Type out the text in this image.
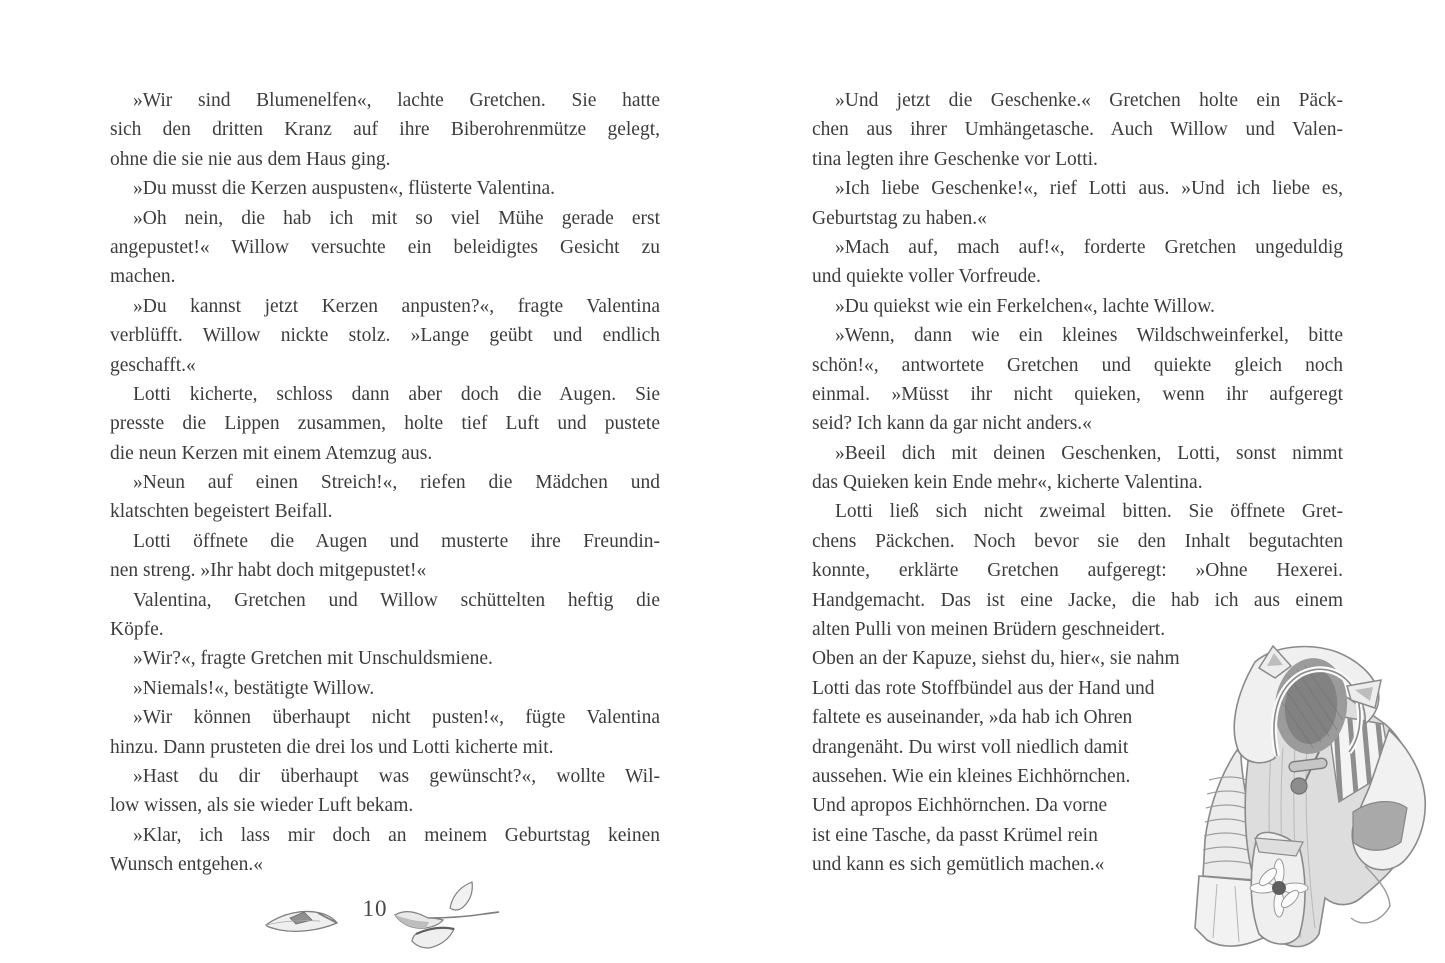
»Wir sind Blumenelfen«, lachte Gretchen. Sie hatte
sich den dritten Kranz auf ihre Biberohrenmütze gelegt,
ohne die sie nie aus dem Haus ging.
»Du musst die Kerzen auspusten«, flüsterte Valentina.
»Oh nein, die hab ich mit so viel Mühe gerade erst
angepustet!« Willow versuchte ein beleidigtes Gesicht zu
machen.
»Du kannst jetzt Kerzen anpusten?«, fragte Valentina
verblüfft. Willow nickte stolz. »Lange geübt und endlich
geschafft.«
Lotti kicherte, schloss dann aber doch die Augen. Sie
presste die Lippen zusammen, holte tief Luft und pustete
die neun Kerzen mit einem Atemzug aus.
»Neun auf einen Streich!«, riefen die Mädchen und
klatschten begeistert Beifall.
Lotti öffnete die Augen und musterte ihre Freundin-
nen streng. »Ihr habt doch mitgepustet!«
Valentina, Gretchen und Willow schüttelten heftig die
Köpfe.
»Wir?«, fragte Gretchen mit Unschuldsmiene.
»Niemals!«, bestätigte Willow.
»Wir können überhaupt nicht pusten!«, fügte Valentina
hinzu. Dann prusteten die drei los und Lotti kicherte mit.
»Hast du dir überhaupt was gewünscht?«, wollte Wil-
low wissen, als sie wieder Luft bekam.
»Klar, ich lass mir doch an meinem Geburtstag keinen
Wunsch entgehen.«
»Und jetzt die Geschenke.« Gretchen holte ein Päck-
chen aus ihrer Umhängetasche. Auch Willow und Valen-
tina legten ihre Geschenke vor Lotti.
»Ich liebe Geschenke!«, rief Lotti aus. »Und ich liebe es,
Geburtstag zu haben.«
»Mach auf, mach auf!«, forderte Gretchen ungeduldig
und quiekte voller Vorfreude.
»Du quiekst wie ein Ferkelchen«, lachte Willow.
»Wenn, dann wie ein kleines Wildschweinferkel, bitte
schön!«, antwortete Gretchen und quiekte gleich noch
einmal. »Müsst ihr nicht quieken, wenn ihr aufgeregt
seid? Ich kann da gar nicht anders.«
»Beeil dich mit deinen Geschenken, Lotti, sonst nimmt
das Quieken kein Ende mehr«, kicherte Valentina.
Lotti ließ sich nicht zweimal bitten. Sie öffnete Gret-
chens Päckchen. Noch bevor sie den Inhalt begutachten
konnte, erklärte Gretchen aufgeregt: »Ohne Hexerei.
Handgemacht. Das ist eine Jacke, die hab ich aus einem
alten Pulli von meinen Brüdern geschneidert.
Oben an der Kapuze, siehst du, hier«, sie nahm
Lotti das rote Stoffbündel aus der Hand und
faltete es auseinander, »da hab ich Ohren
drangenäht. Du wirst voll niedlich damit
aussehen. Wie ein kleines Eichhörnchen.
Und apropos Eichhörnchen. Da vorne
ist eine Tasche, da passt Krümel rein
und kann es sich gemütlich machen.«
10
